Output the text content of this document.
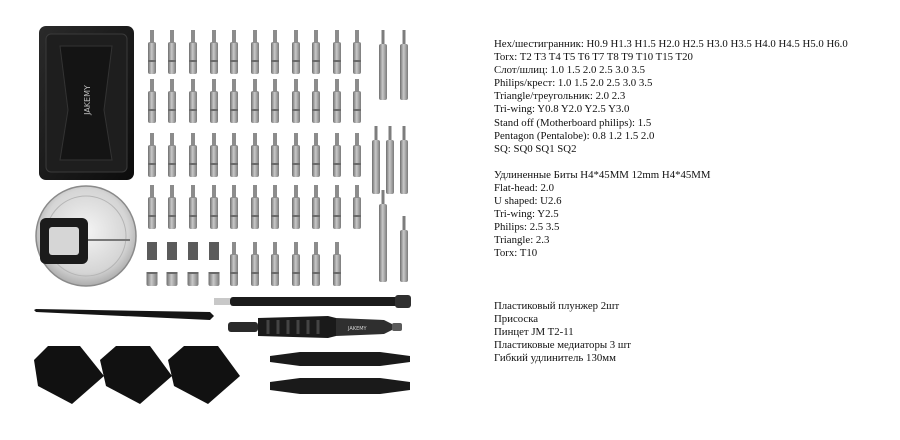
JAKEMY
JAKEMY
Hex/шестигранник: H0.9 H1.3 H1.5 H2.0 H2.5 H3.0 H3.5 H4.0 H4.5 H5.0 H6.0
Torx: T2 T3 T4 T5 T6 T7 T8 T9 T10 T15 T20
Слот/шлиц: 1.0 1.5 2.0 2.5 3.0 3.5
Philips/крест: 1.0 1.5 2.0 2.5 3.0 3.5
Triangle/треугольник: 2.0 2.3
Tri-wing: Y0.8 Y2.0 Y2.5 Y3.0
Stand off (Motherboard philips): 1.5
Pentagon (Pentalobe): 0.8 1.2 1.5 2.0
SQ: SQ0 SQ1 SQ2
Удлиненные Биты H4*45MM 12mm H4*45MM
Flat-head: 2.0
U shaped: U2.6
Tri-wing: Y2.5
Philips: 2.5 3.5
Triangle: 2.3
Torx: T10
Пластиковый плунжер 2шт
Присоска
Пинцет JM T2-11
Пластиковые медиаторы 3 шт
Гибкий удлинитель 130мм
